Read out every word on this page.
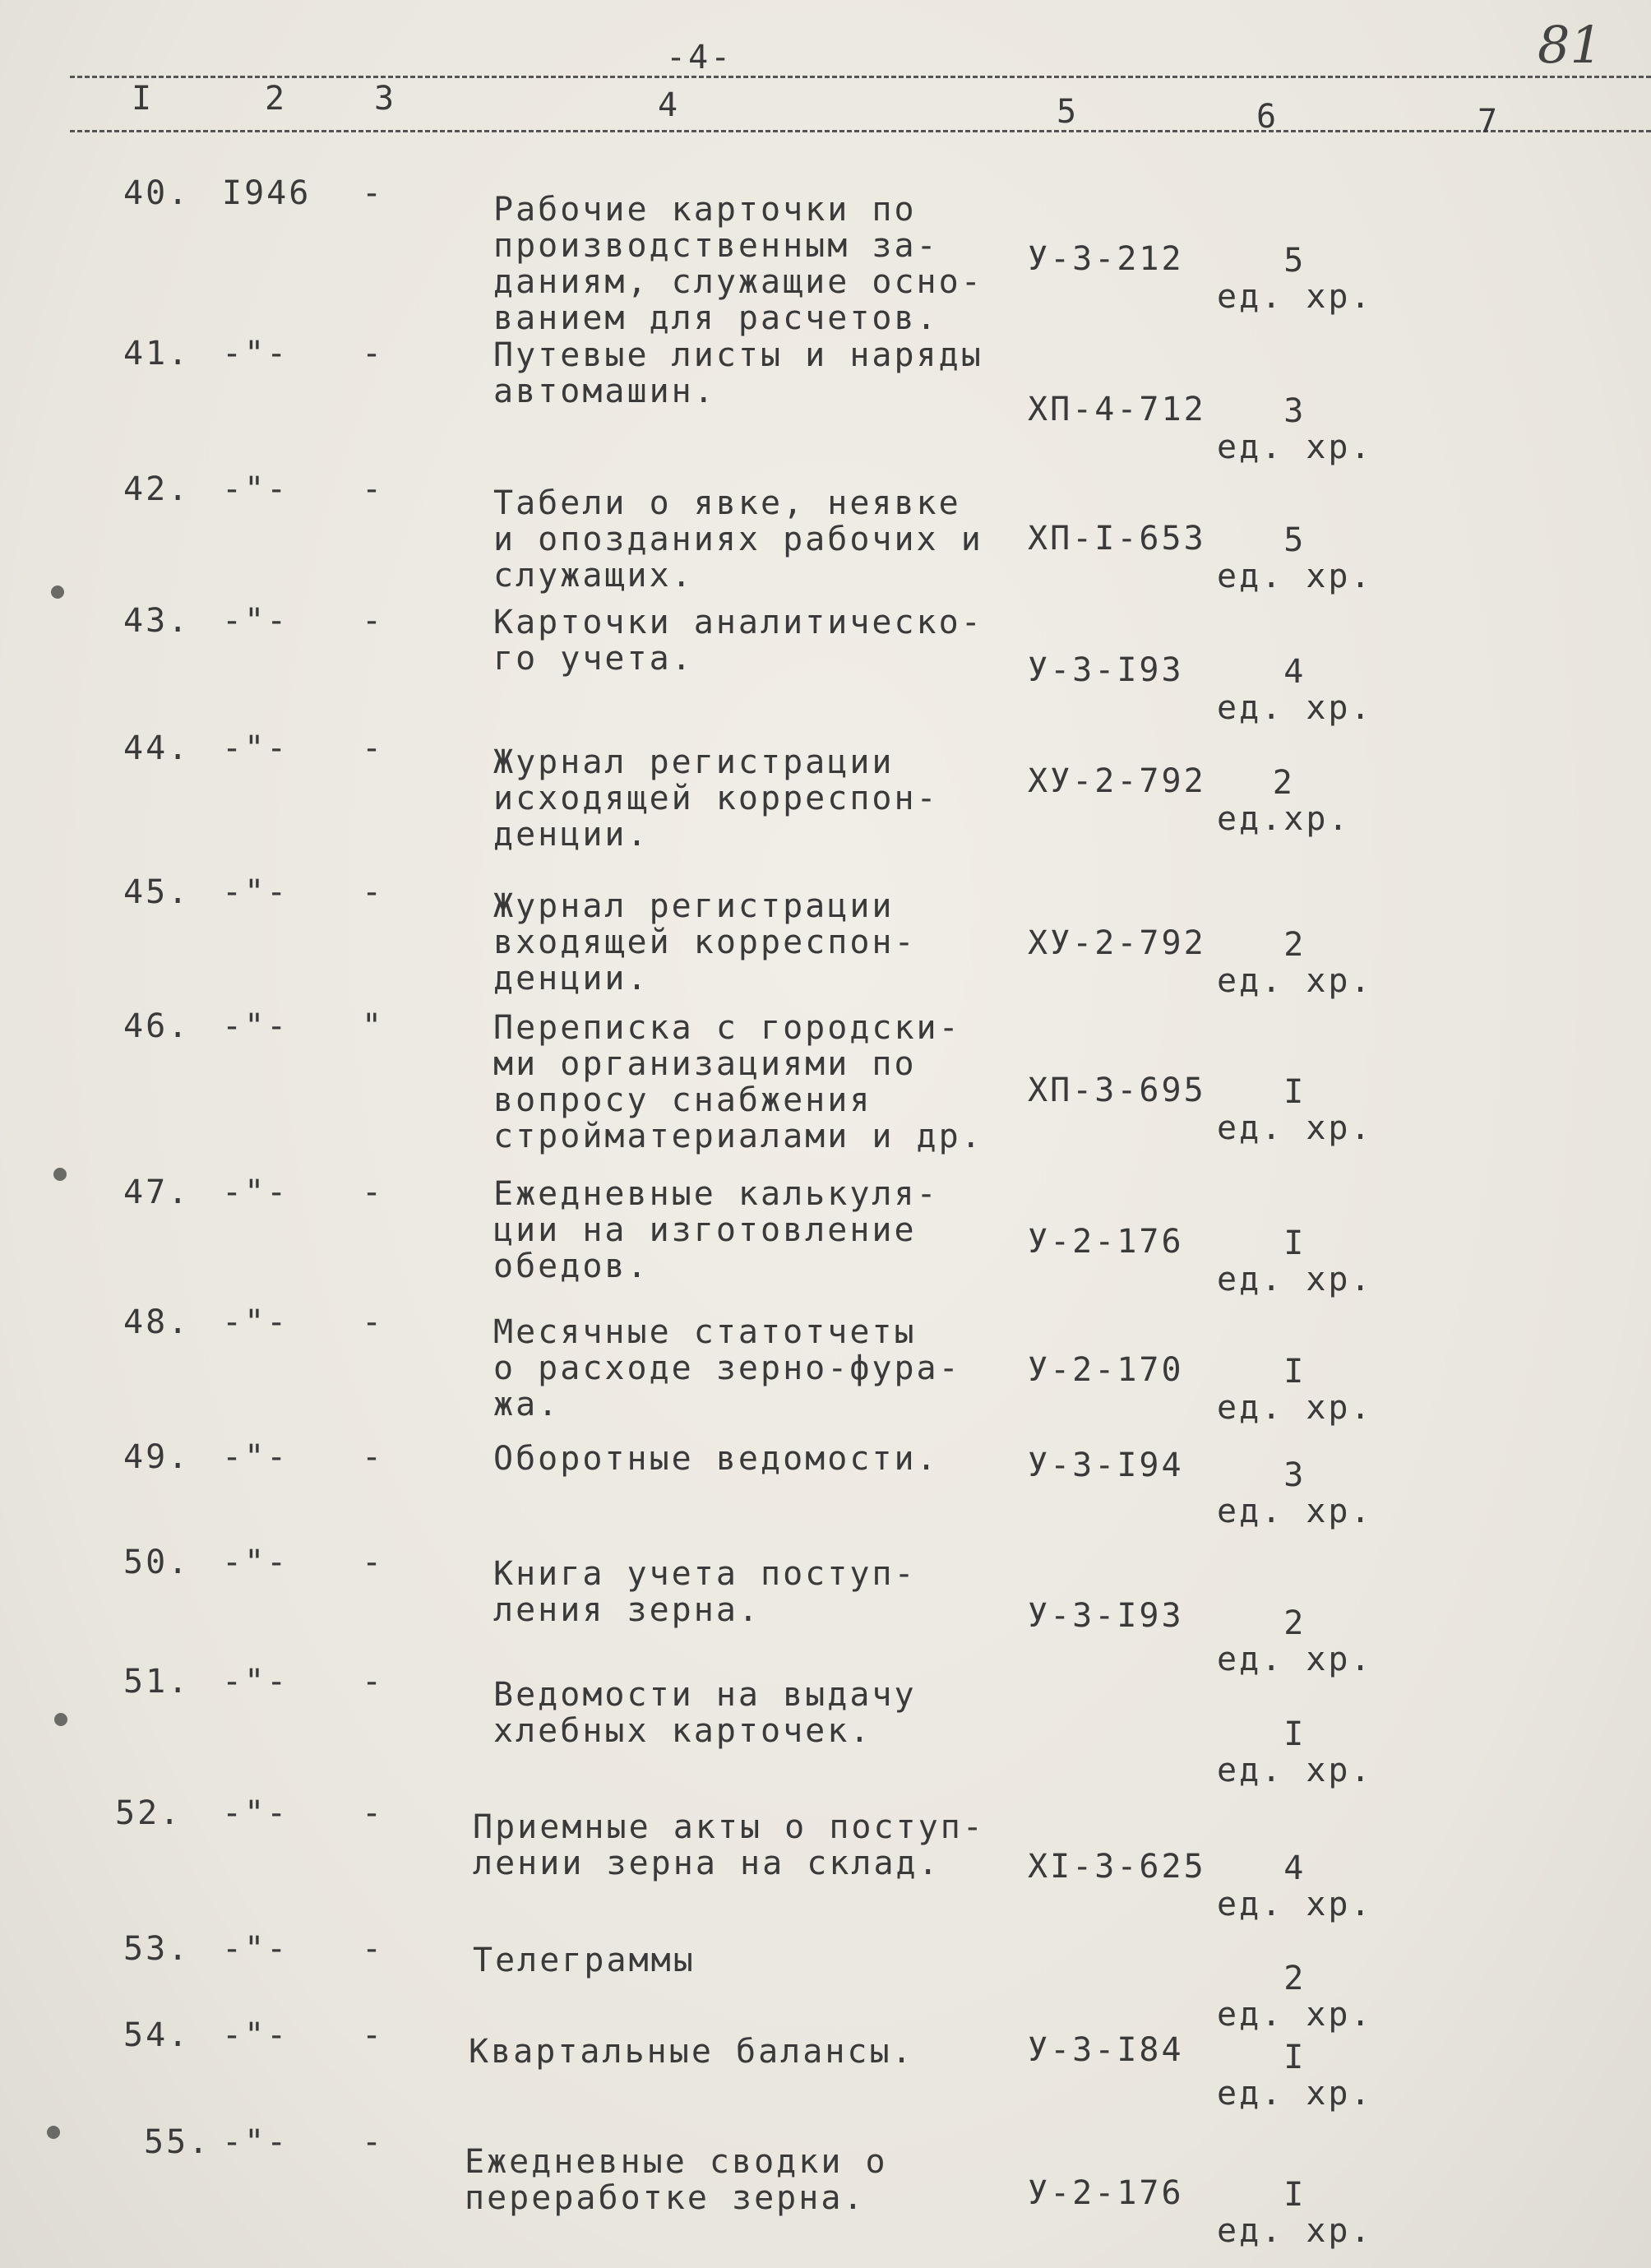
-4-	81
I	2	3	4	5	6	7
40. I946 -	Рабочие карточки по
производственным за-
даниям, служащие осно-
ванием для расчетов.
У-3-212	5
ед. хр.
41. -"- -	Путевые листы и наряды
автомашин.	ХП-4-712	3
ед. хр.
42. -"- -	Табели о явке, неявке
и опозданиях рабочих и
служащих.
ХП-I-653	5
ед. хр.
43. -"- -	Карточки аналитическо-
го учета.	У-3-I93	4
ед. хр.
44. -"- -	Журнал регистрации
исходящей корреспон-
денции.
ХУ-2-792	2
ед.хр.
45. -"- -	Журнал регистрации
входящей корреспон-
денции.
ХУ-2-792	2
ед. хр.
46. -"- "	Переписка с городски-
ми организациями по
вопросу снабжения
стройматериалами и др.
ХП-3-695	I
ед. хр.
47. -"- -	Ежедневные калькуля-
ции на изготовление
обедов.
У-2-176	I
ед. хр.
48. -"- -	Месячные статотчеты
о расходе зерно-фура-
жа.
У-2-170	I
ед. хр.
49. -"- -	Оборотные ведомости.	У-3-I94	3
ед. хр.
50. -"- -	Книга учета поступ-
ления зерна.	У-3-I93	2
ед. хр.
51. -"- -	Ведомости на выдачу
хлебных карточек.	I
ед. хр.
52. -"- -	Приемные акты о поступ-
лении зерна на склад.	XI-3-625	4
ед. хр.
53. -"- -	Телеграммы	2
ед. хр.
54. -"- -	Квартальные балансы.	У-3-I84	I
ед. хр.
55. -"- -
Ежедневные сводки о
переработке зерна.	У-2-176	I
ед. хр.
